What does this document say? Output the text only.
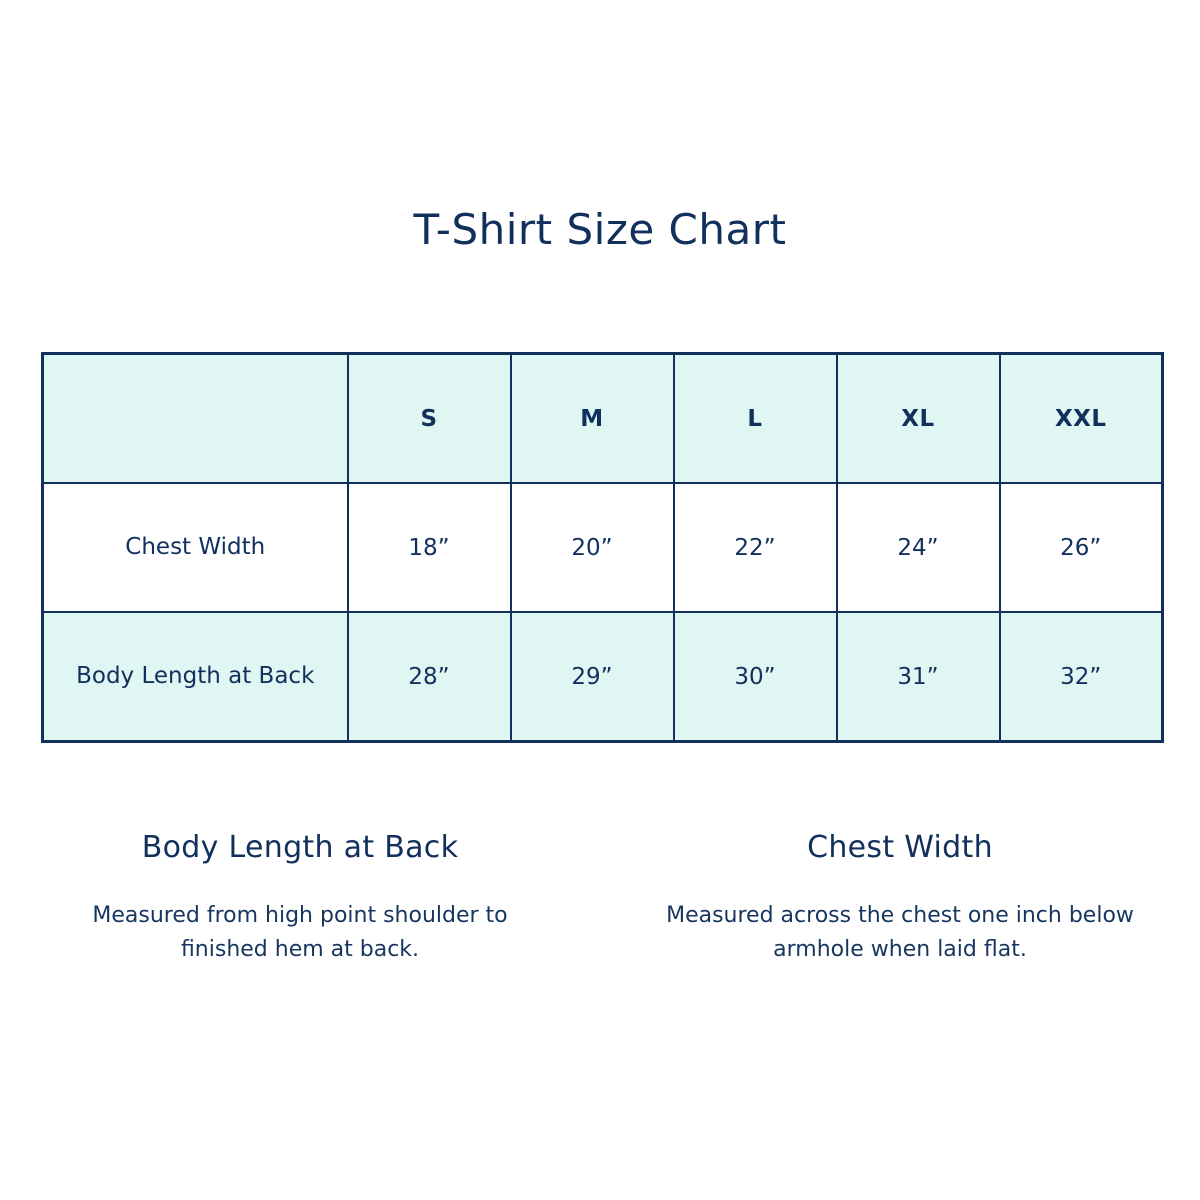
T-Shirt Size Chart
	S	M	L	XL	XXL
Chest Width	18”	20”	22”	24”	26”
Body Length at Back	28”	29”	30”	31”	32”
Body Length at Back

Measured from high point shoulder to finished hem at back.

Chest Width

Measured across the chest one inch below armhole when laid flat.
